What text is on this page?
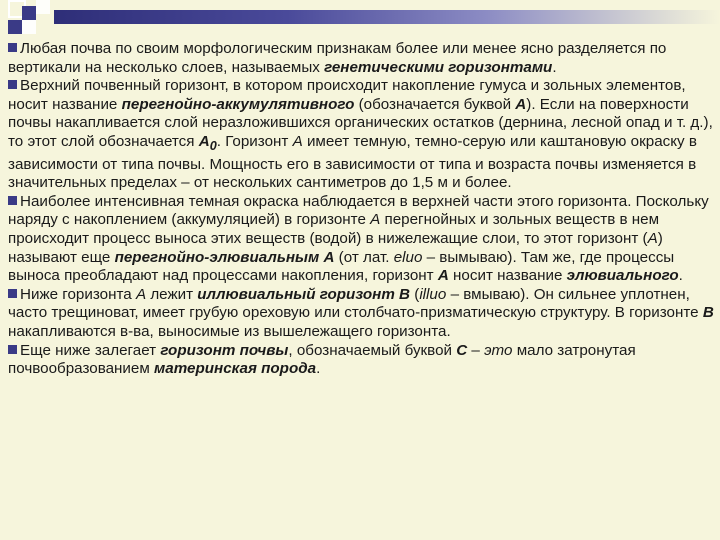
Любая почва по своим морфологическим признакам более или менее ясно разделяется по вертикали на несколько слоев, называемых генетическими горизонтами.

Верхний почвенный горизонт, в котором происходит накопление гумуса и зольных элементов, носит название перегнойно-аккумулятивного (обозначается буквой А). Если на поверхности почвы накапливается слой неразложившихся органических остатков (дернина, лесной опад и т. д.), то этот слой обозначается $А_0$. Горизонт А имеет темную, темно-серую или каштановую окраску в зависимости от типа почвы. Мощность его в зависимости от типа и возраста почвы изменяется в значительных пределах – от нескольких сантиметров до 1,5 м и более.

Наиболее интенсивная темная окраска наблюдается в верхней части этого горизонта. Поскольку наряду с накоплением (аккумуляцией) в горизонте А перегнойных и зольных веществ в нем происходит процесс выноса этих веществ (водой) в нижележащие слои, то этот горизонт (А) называют еще перегнойно-элювиальным А (от лат. eluo – вымываю). Там же, где процессы выноса преобладают над процессами накопления, горизонт А носит название элювиального.

Ниже горизонта А лежит иллювиальный горизонт В (illuo – вмываю). Он сильнее уплотнен, часто трещиноват, имеет грубую ореховую или столбчато-призматическую структуру. В горизонте В накапливаются в-ва, выносимые из вышележащего горизонта.

Еще ниже залегает горизонт почвы, обозначаемый буквой С – это мало затронутая почвообразованием материнская порода.
